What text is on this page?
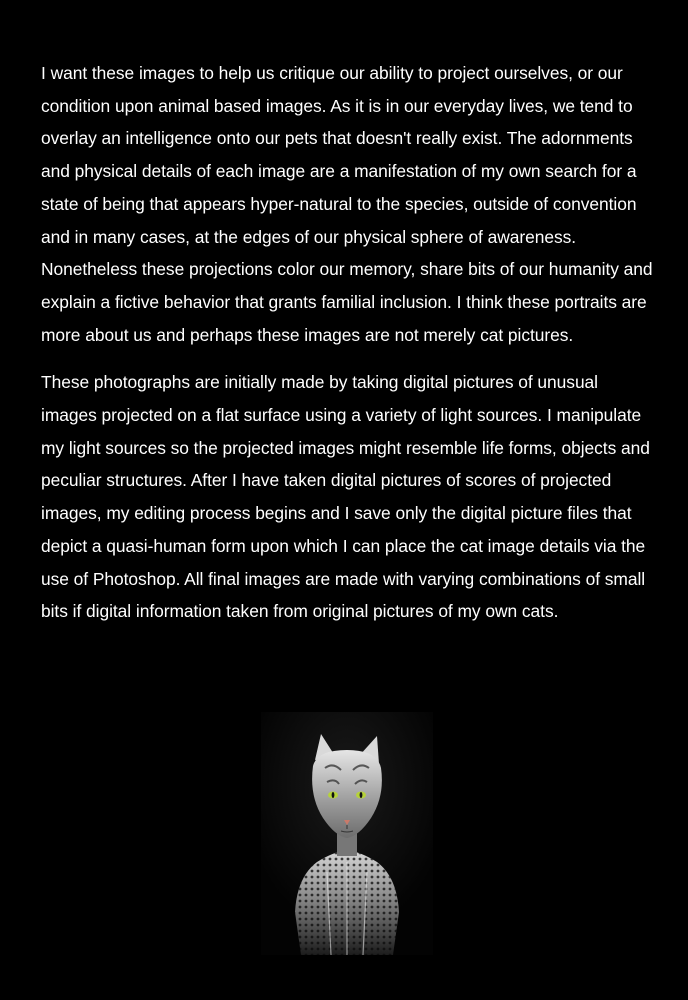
I want these images to help us critique our ability to project ourselves, or our condition upon animal based images. As it is in our everyday lives, we tend to overlay an intelligence onto our pets that doesn't really exist. The adornments and physical details of each image are a manifestation of my own search for a state of being that appears hyper-natural to the species, outside of convention and in many cases, at the edges of our physical sphere of awareness. Nonetheless these projections color our memory, share bits of our humanity and explain a fictive behavior that grants familial inclusion. I think these portraits are more about us and perhaps these images are not merely cat pictures.

These photographs are initially made by taking digital pictures of unusual images projected on a flat surface using a variety of light sources. I manipulate my light sources so the projected images might resemble life forms, objects and peculiar structures. After I have taken digital pictures of scores of projected images, my editing process begins and I save only the digital picture files that depict a quasi-human form upon which I can place the cat image details via the use of Photoshop. All final images are made with varying combinations of small bits if digital information taken from original pictures of my own cats.
